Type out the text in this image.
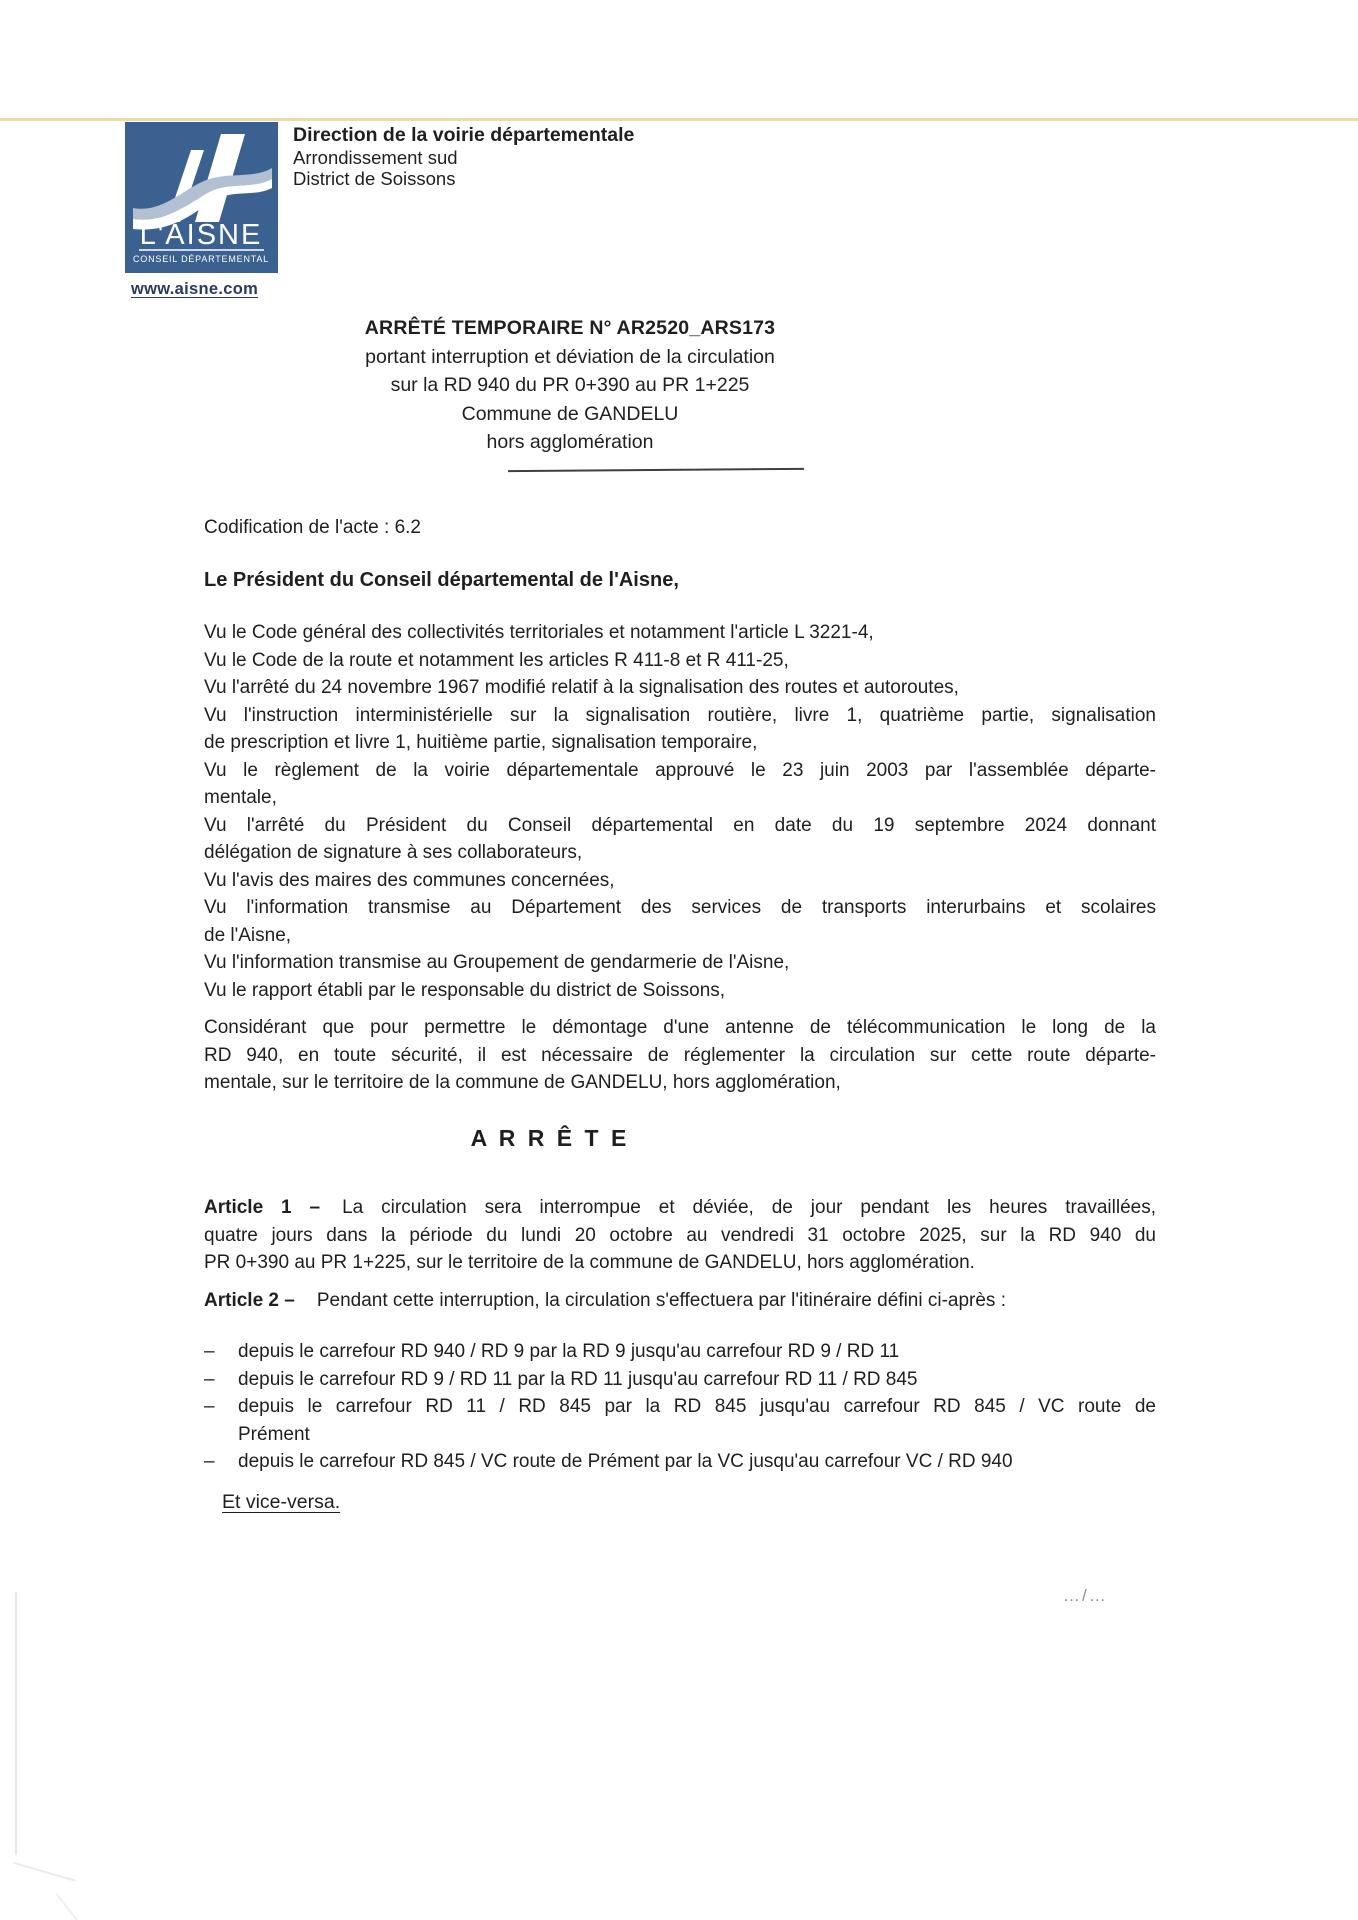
L'AISNE
CONSEIL DÉPARTEMENTAL
www.aisne.com
Direction de la voirie départementale
Arrondissement sud
District de Soissons
ARRÊTÉ TEMPORAIRE N° AR2520_ARS173
portant interruption et déviation de la circulation
sur la RD 940 du PR 0+390 au PR 1+225
Commune de GANDELU
hors agglomération
Codification de l'acte : 6.2
Le Président du Conseil départemental de l'Aisne,
Vu le Code général des collectivités territoriales et notamment l'article L 3221-4,
Vu le Code de la route et notamment les articles R 411-8 et R 411-25,
Vu l'arrêté du 24 novembre 1967 modifié relatif à la signalisation des routes et autoroutes,
Vu l'instruction interministérielle sur la signalisation routière, livre 1, quatrième partie, signalisation
de prescription et livre 1, huitième partie, signalisation temporaire,
Vu le règlement de la voirie départementale approuvé le 23 juin 2003 par l'assemblée départe-
mentale,
Vu l'arrêté du Président du Conseil départemental en date du 19 septembre 2024 donnant
délégation de signature à ses collaborateurs,
Vu l'avis des maires des communes concernées,
Vu l'information transmise au Département des services de transports interurbains et scolaires
de l'Aisne,
Vu l'information transmise au Groupement de gendarmerie de l'Aisne,
Vu le rapport établi par le responsable du district de Soissons,
Considérant que pour permettre le démontage d'une antenne de télécommunication le long de la
RD 940, en toute sécurité, il est nécessaire de réglementer la circulation sur cette route départe-
mentale, sur le territoire de la commune de GANDELU, hors agglomération,
A R R Ê T E
Article 1 – La circulation sera interrompue et déviée, de jour pendant les heures travaillées,
quatre jours dans la période du lundi 20 octobre au vendredi 31 octobre 2025, sur la RD 940 du
PR 0+390 au PR 1+225, sur le territoire de la commune de GANDELU, hors agglomération.
Article 2 – Pendant cette interruption, la circulation s'effectuera par l'itinéraire défini ci-après :
–	depuis le carrefour RD 940 / RD 9 par la RD 9 jusqu'au carrefour RD 9 / RD 11
–	depuis le carrefour RD 9 / RD 11 par la RD 11 jusqu'au carrefour RD 11 / RD 845
–	depuis le carrefour RD 11 / RD 845 par la RD 845 jusqu'au carrefour RD 845 / VC route de
Prément
–	depuis le carrefour RD 845 / VC route de Prément par la VC jusqu'au carrefour VC / RD 940
Et vice-versa.
…/…
